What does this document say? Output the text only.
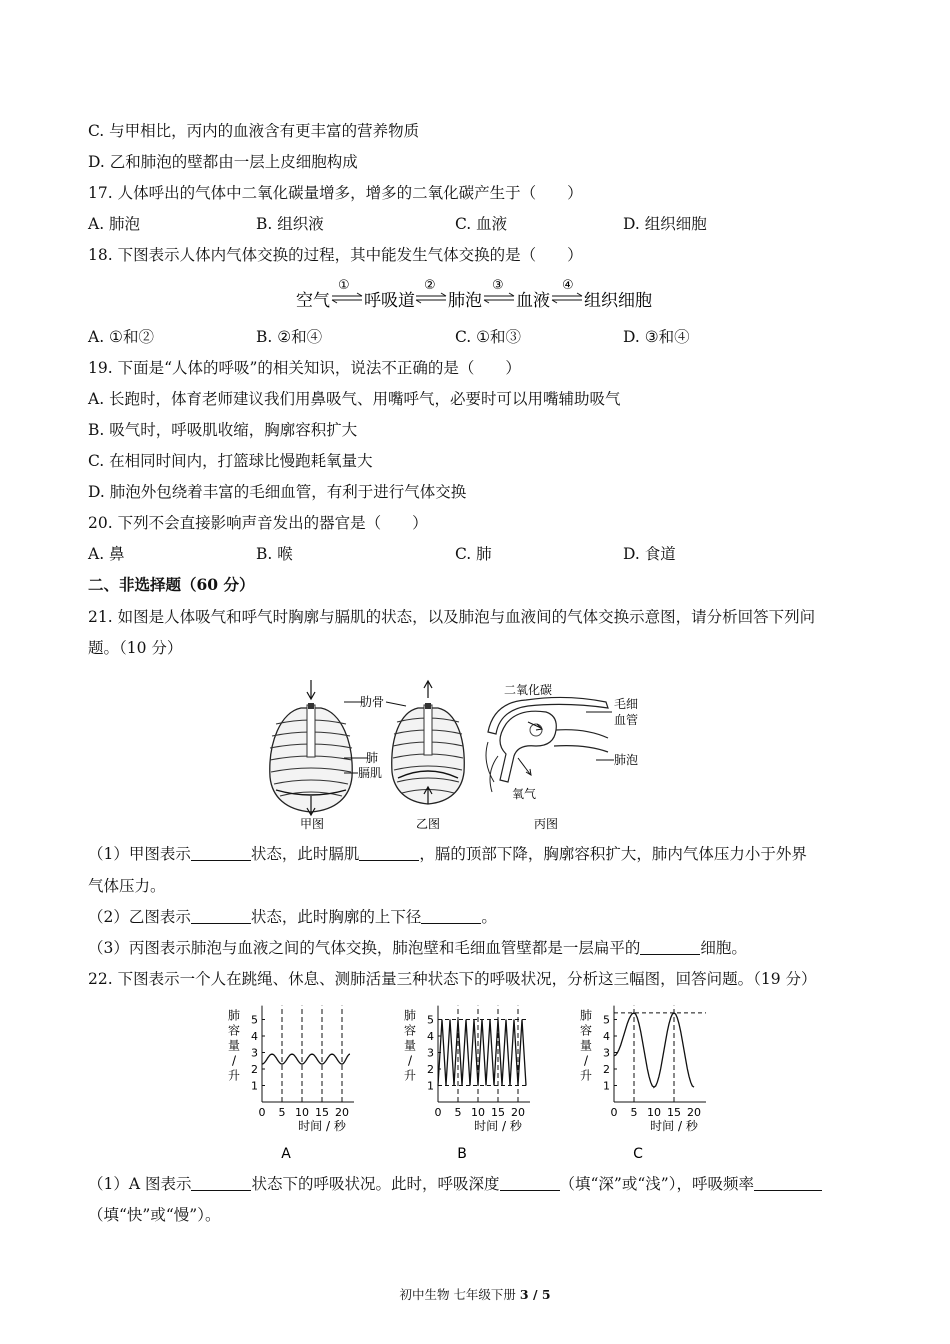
C. 与甲相比，丙内的血液含有更丰富的营养物质
D. 乙和肺泡的壁都由一层上皮细胞构成
17. 人体呼出的气体中二氧化碳量增多，增多的二氧化碳产生于（　　）
A. 肺泡	B. 组织液	C. 血液	D. 组织细胞
18. 下图表示人体内气体交换的过程，其中能发生气体交换的是（　　）
空气
①
呼吸道
②
肺泡
③
血液
④
组织细胞
A. ①和②	B. ②和④	C. ①和③	D. ③和④
19. 下面是“人体的呼吸”的相关知识，说法不正确的是（　　）
A. 长跑时，体育老师建议我们用鼻吸气、用嘴呼气，必要时可以用嘴辅助吸气
B. 吸气时，呼吸肌收缩，胸廓容积扩大
C. 在相同时间内，打篮球比慢跑耗氧量大
D. 肺泡外包绕着丰富的毛细血管，有利于进行气体交换
20. 下列不会直接影响声音发出的器官是（　　）
A. 鼻	B. 喉	C. 肺	D. 食道
二、非选择题（60 分）
21. 如图是人体吸气和呼气时胸廓与膈肌的状态，以及肺泡与血液间的气体交换示意图，请分析回答下列问
题。（10 分）
肋骨
肺
膈肌
甲图	乙图
二氧化碳
毛细
血管
肺泡
氧气
丙图
（1）甲图表示	状态，此时膈肌	，膈的顶部下降，胸廓容积扩大，肺内气体压力小于外界
气体压力。
（2）乙图表示	状态，此时胸廓的上下径	。
（3）丙图表示肺泡与血液之间的气体交换，肺泡壁和毛细血管壁都是一层扁平的	细胞。
22. 下图表示一个人在跳绳、休息、测肺活量三种状态下的呼吸状况，分析这三幅图，回答问题。（19 分）
1
2
3
4
5
0 5 10 15 20
肺
容
量
/
升
时间 / 秒
A
1
2
3
4
5
0 5 10 15 20
肺
容
量
/
升
时间 / 秒
B
1
2
3
4
5
0 5 10 15 20
肺
容
量
/
升
时间 / 秒
C
（1）A 图表示	状态下的呼吸状况。此时，呼吸深度	（填“深”或“浅”），呼吸频率
（填“快”或“慢”）。
初中生物 七年级下册 3 / 5
